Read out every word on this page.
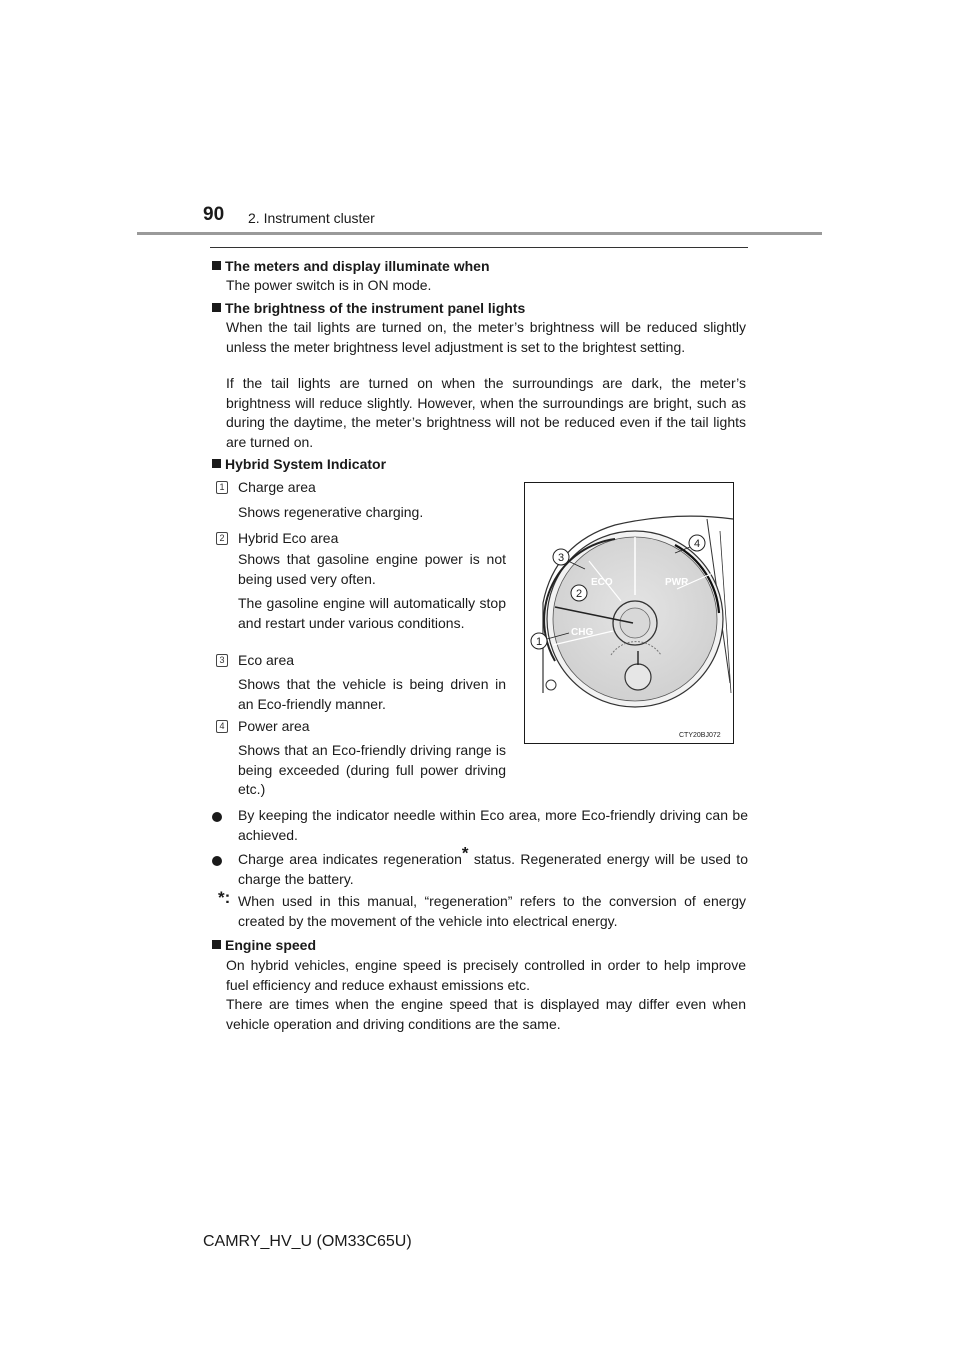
90 2. Instrument cluster
The meters and display illuminate when
The power switch is in ON mode.
The brightness of the instrument panel lights
When the tail lights are turned on, the meter’s brightness will be reduced slightly unless the meter brightness level adjustment is set to the brightest setting.
If the tail lights are turned on when the surroundings are dark, the meter’s brightness will reduce slightly. However, when the surroundings are bright, such as during the daytime, the meter’s brightness will not be reduced even if the tail lights are turned on.
Hybrid System Indicator
1 Charge area
Shows regenerative charging.
2 Hybrid Eco area
Shows that gasoline engine power is not being used very often.
The gasoline engine will automatically stop and restart under various conditions.
3 Eco area
Shows that the vehicle is being driven in an Eco-friendly manner.
4 Power area
Shows that an Eco-friendly driving range is being exceeded (during full power driving etc.)
ECO	PWR
CHG
1
2
3
4
CTY20BJ072
By keeping the indicator needle within Eco area, more Eco-friendly driving can be achieved.
Charge area indicates regeneration* status. Regenerated energy will be used to charge the battery.
*: When used in this manual, “regeneration” refers to the conversion of energy created by the movement of the vehicle into electrical energy.
Engine speed
On hybrid vehicles, engine speed is precisely controlled in order to help improve fuel efficiency and reduce exhaust emissions etc.
There are times when the engine speed that is displayed may differ even when vehicle operation and driving conditions are the same.
CAMRY_HV_U (OM33C65U)
